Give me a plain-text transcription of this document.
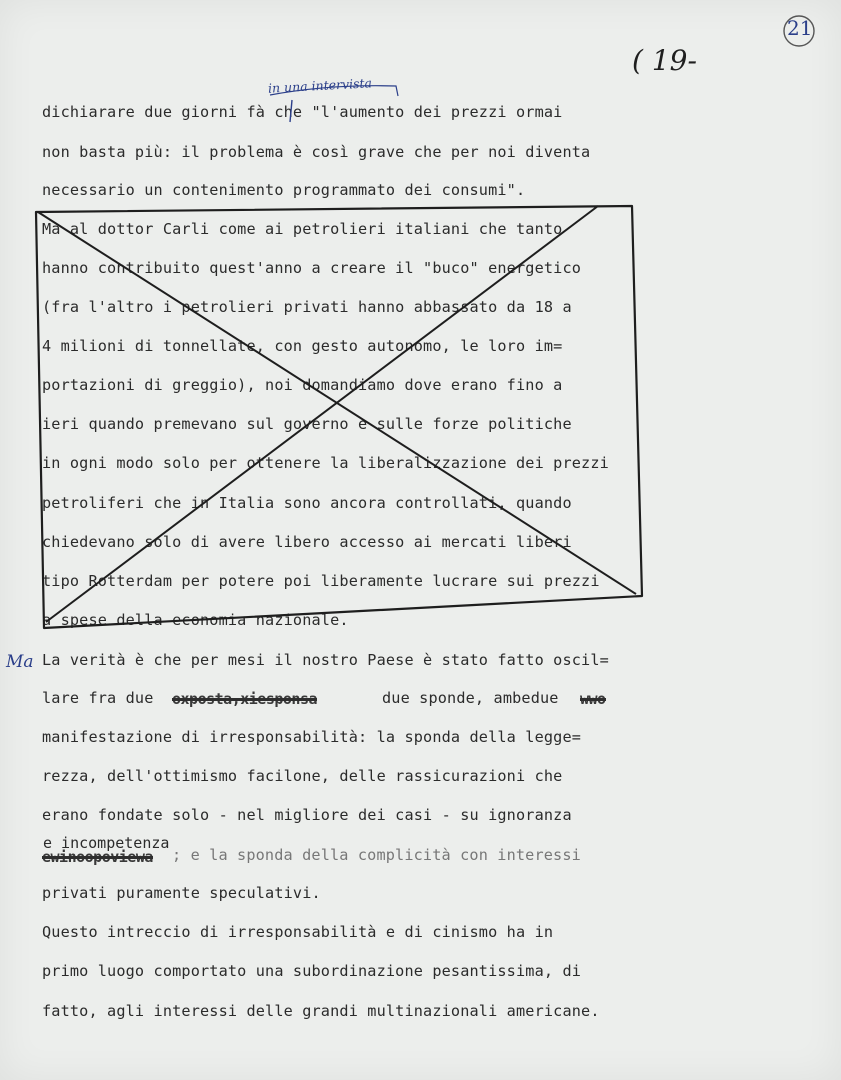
21
( 19-
in una intervista
Ma
dichiarare due giorni fà che "l'aumento dei prezzi ormai
non basta più: il problema è così grave che per noi diventa
necessario un contenimento programmato dei consumi".
Ma al dottor Carli come ai petrolieri italiani che tanto
hanno contribuito quest'anno a creare il "buco" energetico
(fra l'altro i petrolieri privati hanno abbassato da 18 a
4 milioni di tonnellate, con gesto autonomo, le loro im=
portazioni di greggio), noi domandiamo dove erano fino a
ieri quando premevano sul governo e sulle forze politiche
in ogni modo solo per ottenere la liberalizzazione dei prezzi
petroliferi che in Italia sono ancora controllati, quando
chiedevano solo di avere libero accesso ai mercati liberi
tipo Rotterdam per potere poi liberamente lucrare sui prezzi
a spese della economia nazionale.
La verità è che per mesi il nostro Paese è stato fatto oscil=
lare fra due oxposta,xiesponsa	due sponde, ambedue wwo
manifestazione di irresponsabilità: la sponda della legge=
rezza, dell'ottimismo facilone, delle rassicurazioni che
erano fondate solo - nel migliore dei casi - su ignoranza
e incompetenza
ewinoopoviewa ; e la sponda della complicità con interessi
privati puramente speculativi.
Questo intreccio di irresponsabilità e di cinismo ha in
primo luogo comportato una subordinazione pesantissima, di
fatto, agli interessi delle grandi multinazionali americane.
